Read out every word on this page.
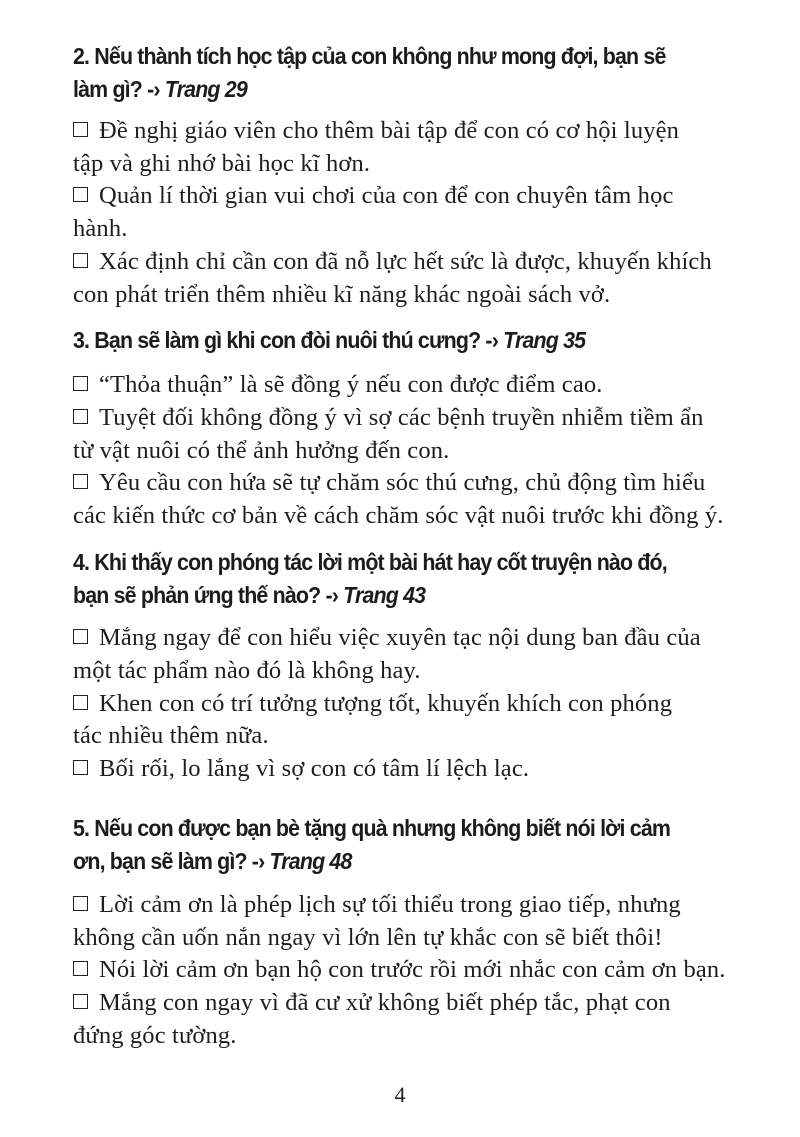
2. Nếu thành tích học tập của con không như mong đợi, bạn sẽ
làm gì? -› Trang 29
Đề nghị giáo viên cho thêm bài tập để con có cơ hội luyện
tập và ghi nhớ bài học kĩ hơn.
Quản lí thời gian vui chơi của con để con chuyên tâm học
hành.
Xác định chỉ cần con đã nỗ lực hết sức là được, khuyến khích
con phát triển thêm nhiều kĩ năng khác ngoài sách vở.
3. Bạn sẽ làm gì khi con đòi nuôi thú cưng? -› Trang 35
“Thỏa thuận” là sẽ đồng ý nếu con được điểm cao.
Tuyệt đối không đồng ý vì sợ các bệnh truyền nhiễm tiềm ẩn
từ vật nuôi có thể ảnh hưởng đến con.
Yêu cầu con hứa sẽ tự chăm sóc thú cưng, chủ động tìm hiểu
các kiến thức cơ bản về cách chăm sóc vật nuôi trước khi đồng ý.
4. Khi thấy con phóng tác lời một bài hát hay cốt truyện nào đó,
bạn sẽ phản ứng thế nào? -› Trang 43
Mắng ngay để con hiểu việc xuyên tạc nội dung ban đầu của
một tác phẩm nào đó là không hay.
Khen con có trí tưởng tượng tốt, khuyến khích con phóng
tác nhiều thêm nữa.
Bối rối, lo lắng vì sợ con có tâm lí lệch lạc.
5. Nếu con được bạn bè tặng quà nhưng không biết nói lời cảm
ơn, bạn sẽ làm gì? -› Trang 48
Lời cảm ơn là phép lịch sự tối thiểu trong giao tiếp, nhưng
không cần uốn nắn ngay vì lớn lên tự khắc con sẽ biết thôi!
Nói lời cảm ơn bạn hộ con trước rồi mới nhắc con cảm ơn bạn.
Mắng con ngay vì đã cư xử không biết phép tắc, phạt con
đứng góc tường.
4
